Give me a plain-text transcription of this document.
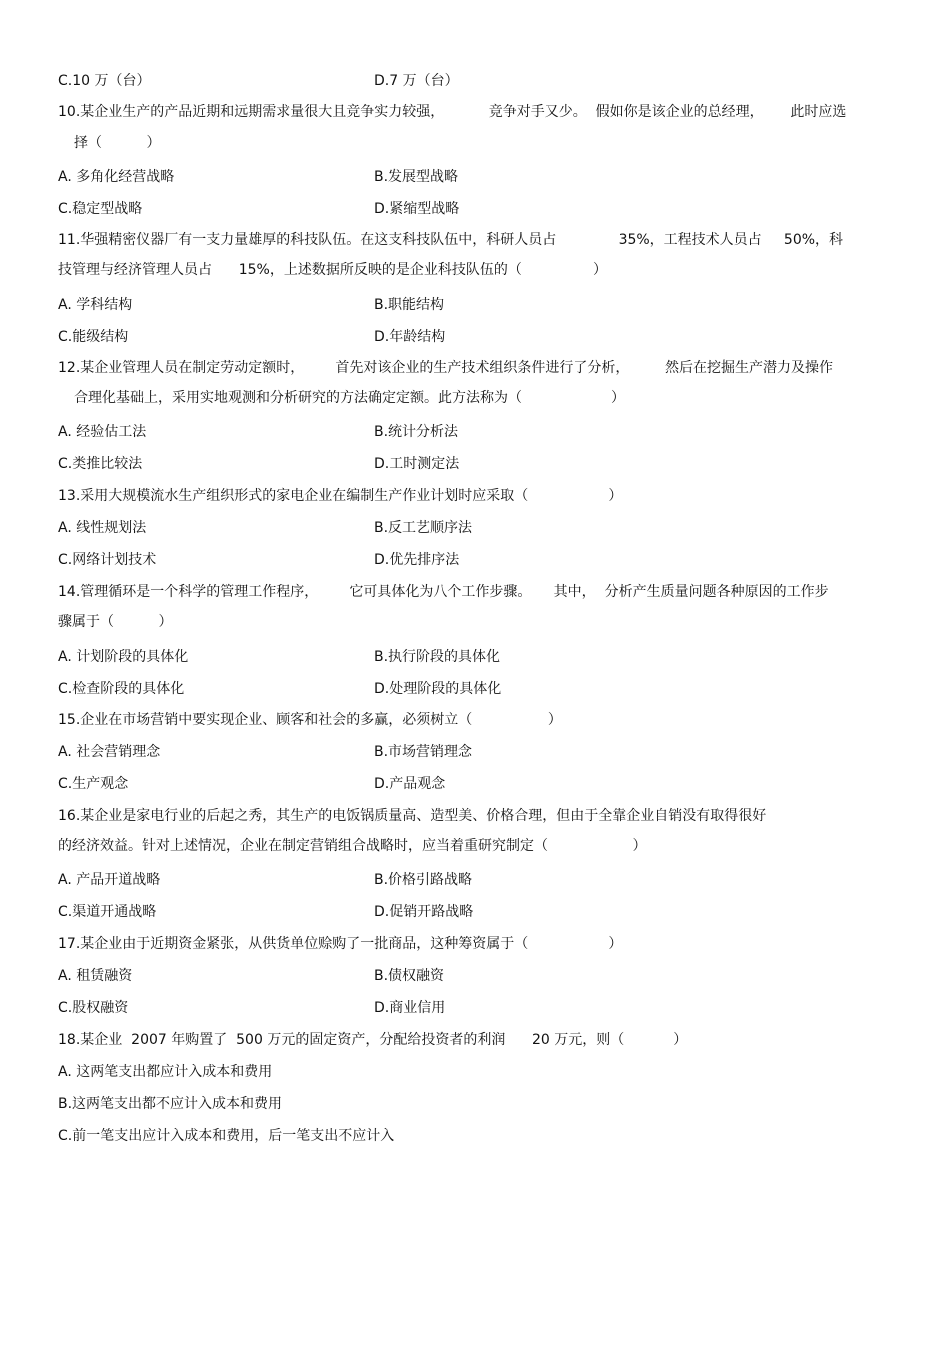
C.10 万（台）	D.7 万（台）
10.某企业生产的产品近期和远期需求量很大且竞争实力较强，          竞争对手又少。  假如你是该企业的总经理，      此时应选
择（          ）
A. 多角化经营战略	B.发展型战略
C.稳定型战略	D.紧缩型战略
11.华强精密仪器厂有一支力量雄厚的科技队伍。在这支科技队伍中，科研人员占              35%，工程技术人员占     50%，科
技管理与经济管理人员占      15%，上述数据所反映的是企业科技队伍的（                ）
A. 学科结构	B.职能结构
C.能级结构	D.年龄结构
12.某企业管理人员在制定劳动定额时，       首先对该企业的生产技术组织条件进行了分析，        然后在挖掘生产潜力及操作
合理化基础上，采用实地观测和分析研究的方法确定定额。此方法称为（                    ）
A. 经验估工法	B.统计分析法
C.类推比较法	D.工时测定法
13.采用大规模流水生产组织形式的家电企业在编制生产作业计划时应采取（                  ）
A. 线性规划法	B.反工艺顺序法
C.网络计划技术	D.优先排序法
14.管理循环是一个科学的管理工作程序，       它可具体化为八个工作步骤。     其中，  分析产生质量问题各种原因的工作步
骤属于（          ）
A. 计划阶段的具体化	B.执行阶段的具体化
C.检查阶段的具体化	D.处理阶段的具体化
15.企业在市场营销中要实现企业、顾客和社会的多赢，必须树立（                 ）
A. 社会营销理念	B.市场营销理念
C.生产观念	D.产品观念
16.某企业是家电行业的后起之秀，其生产的电饭锅质量高、造型美、价格合理，但由于全靠企业自销没有取得很好
的经济效益。针对上述情况，企业在制定营销组合战略时，应当着重研究制定（                   ）
A. 产品开道战略	B.价格引路战略
C.渠道开通战略	D.促销开路战略
17.某企业由于近期资金紧张，从供货单位赊购了一批商品，这种筹资属于（                  ）
A. 租赁融资	B.债权融资
C.股权融资	D.商业信用
18.某企业  2007 年购置了  500 万元的固定资产，分配给投资者的利润      20 万元，则（           ）
A. 这两笔支出都应计入成本和费用
B.这两笔支出都不应计入成本和费用
C.前一笔支出应计入成本和费用，后一笔支出不应计入
